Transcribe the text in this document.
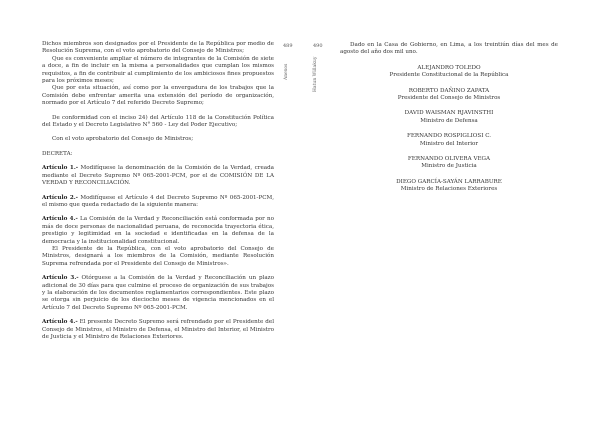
489
Anexos
490
Hatun Willakuy

Dichos miembros son designados por el Presidente de la República por medio de Resolución Suprema, con el voto aprobatorio del Consejo de Ministros;

Que es conveniente ampliar el número de integrantes de la Comisión de siete a doce, a fin de incluir en la misma a personalidades que cumplan los mismos requisitos, a fin de contribuir al cumplimiento de los ambiciosos fines propuestos para los próximos meses;

Que por esta situación, así como por la envergadura de los trabajos que la Comisión debe enfrentar amerita una extensión del período de organización, normado por el Artículo 7 del referido Decreto Supremo;

De conformidad con el inciso 24) del Artículo 118 de la Constitución Política del Estado y el Decreto Legislativo N° 560 - Ley del Poder Ejecutivo;

Con el voto aprobatorio del Consejo de Ministros;

DECRETA:

Artículo 1.- Modifíquese la denominación de la Comisión de la Verdad, creada mediante el Decreto Supremo Nº 065-2001-PCM, por el de COMISIÓN DE LA VERDAD Y RECONCILIACIÓN.

Artículo 2.- Modifíquese el Artículo 4 del Decreto Supremo Nº 065-2001-PCM, el mismo que queda redactado de la siguiente manera:

Artículo 4.- La Comisión de la Verdad y Reconciliación está conformada por no más de doce personas de nacionalidad peruana, de reconocida trayectoria ética, prestigio y legitimidad en la sociedad e identificadas en la defensa de la democracia y la institucionalidad constitucional.

El Presidente de la República, con el voto aprobatorio del Consejo de Ministros, designará a los miembros de la Comisión, mediante Resolución Suprema refrendada por el Presidente del Consejo de Ministros».

Artículo 3.- Otórguese a la Comisión de la Verdad y Reconciliación un plazo adicional de 30 días para que culmine el proceso de organización de sus trabajos y la elaboración de los documentos reglamentarios correspondientes. Este plazo se otorga sin perjuicio de los dieciocho meses de vigencia mencionados en el Artículo 7 del Decreto Supremo Nº 065-2001-PCM.

Artículo 4.- El presente Decreto Supremo será refrendado por el Presidente del Consejo de Ministros, el Ministro de Defensa, el Ministro del Interior, el Ministro de Justicia y el Ministro de Relaciones Exteriores.

Dado en la Casa de Gobierno, en Lima, a los treintiún días del mes de agosto del año dos mil uno.

ALEJANDRO TOLEDO
Presidente Constitucional de la República
ROBERTO DAÑINO ZAPATA
Presidente del Consejo de Ministros
DAVID WAISMAN RJAVINSTHI
Ministro de Defensa
FERNANDO ROSPIGLIOSI C.
Ministro del Interior
FERNANDO OLIVERA VEGA
Ministro de Justicia
DIEGO GARCÍA-SAYÁN LARRABURE
Ministro de Relaciones Exteriores
